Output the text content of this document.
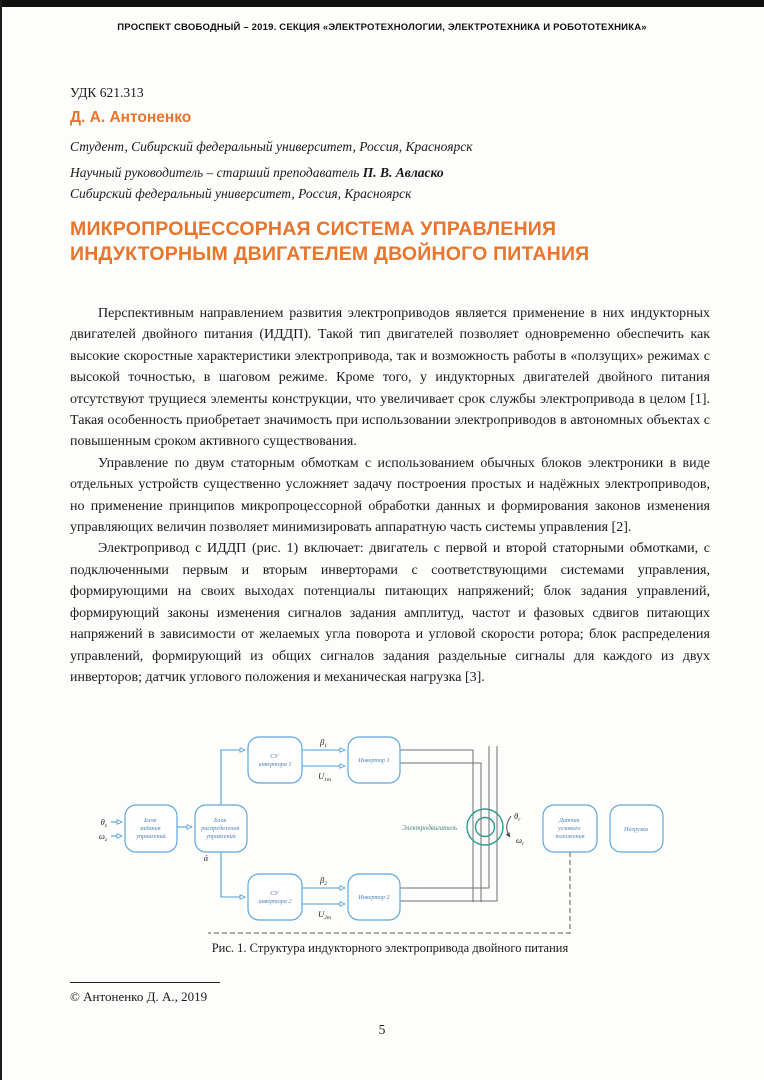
ПРОСПЕКТ СВОБОДНЫЙ – 2019. СЕКЦИЯ «ЭЛЕКТРОТЕХНОЛОГИИ, ЭЛЕКТРОТЕХНИКА И РОБОТОТЕХНИКА»
УДК 621.313
Д. А. Антоненко
Студент, Сибирский федеральный университет, Россия, Красноярск
Научный руководитель – старший преподаватель П. В. Авласко
Сибирский федеральный университет, Россия, Красноярск
МИКРОПРОЦЕССОРНАЯ СИСТЕМА УПРАВЛЕНИЯ
ИНДУКТОРНЫМ ДВИГАТЕЛЕМ ДВОЙНОГО ПИТАНИЯ

Перспективным направлением развития электроприводов является применение в них индукторных двигателей двойного питания (ИДДП). Такой тип двигателей позволяет одновременно обеспечить как высокие скоростные характеристики электропривода, так и возможность работы в «ползущих» режимах с высокой точностью, в шаговом режиме. Кроме того, у индукторных двигателей двойного питания отсутствуют трущиеся элементы конструкции, что увеличивает срок службы электропривода в целом [1]. Такая особенность приобретает значимость при использовании электроприводов в автономных объектах с повышенным сроком активного существования.

Управление по двум статорным обмоткам с использованием обычных блоков электроники в виде отдельных устройств существенно усложняет задачу построения простых и надёжных электроприводов, но применение принципов микропроцессорной обработки данных и формирования законов изменения управляющих величин позволяет минимизировать аппаратную часть системы управления [2].

Электропривод с ИДДП (рис. 1) включает: двигатель с первой и второй статорными обмотками, с подключенными первым и вторым инверторами с соответствующими системами управления, формирующими на своих выходах потенциалы питающих напряжений; блок задания управлений, формирующий законы изменения сигналов задания амплитуд, частот и фазовых сдвигов питающих напряжений в зависимости от желаемых угла поворота и угловой скорости ротора; блок распределения управлений, формирующий из общих сигналов задания раздельные сигналы для каждого из двух инверторов; датчик углового положения и механическая нагрузка [3].

Блок задания управлений
Блок распределения управлений
СУ инвертора 1
Инвертор 1
СУ инвертора 2
Инвертор 2
Датчик углового положения
Нагрузка
Электродвигатель
$\theta_z$
$\omega_z$
$\beta_1$
$U_{1m}$
$\beta_2$
$U_{2m}$
$\theta_r$
$\omega_r$
ά
Рис. 1. Структура индукторного электропривода двойного питания
© Антоненко Д. А., 2019
5
